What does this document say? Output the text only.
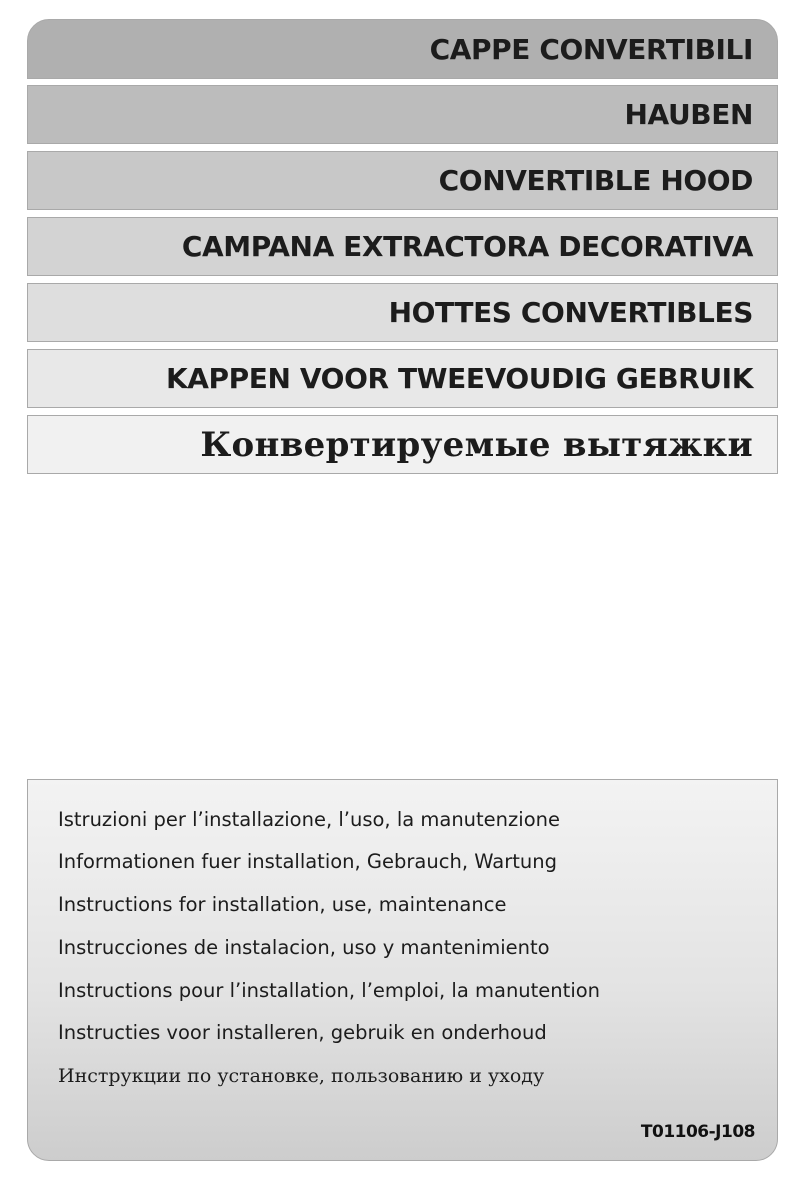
CAPPE CONVERTIBILI
HAUBEN
CONVERTIBLE HOOD
CAMPANA EXTRACTORA DECORATIVA
HOTTES CONVERTIBLES
KAPPEN VOOR TWEEVOUDIG GEBRUIK
Конвертируемые вытяжки
Istruzioni per l’installazione, l’uso, la manutenzione
Informationen fuer installation, Gebrauch, Wartung
Instructions for installation, use, maintenance
Instrucciones de instalacion, uso y mantenimiento
Instructions pour l’installation, l’emploi, la manutention
Instructies voor installeren, gebruik en onderhoud
Инструкции по установке, пользованию и уходу
T01106-J108
